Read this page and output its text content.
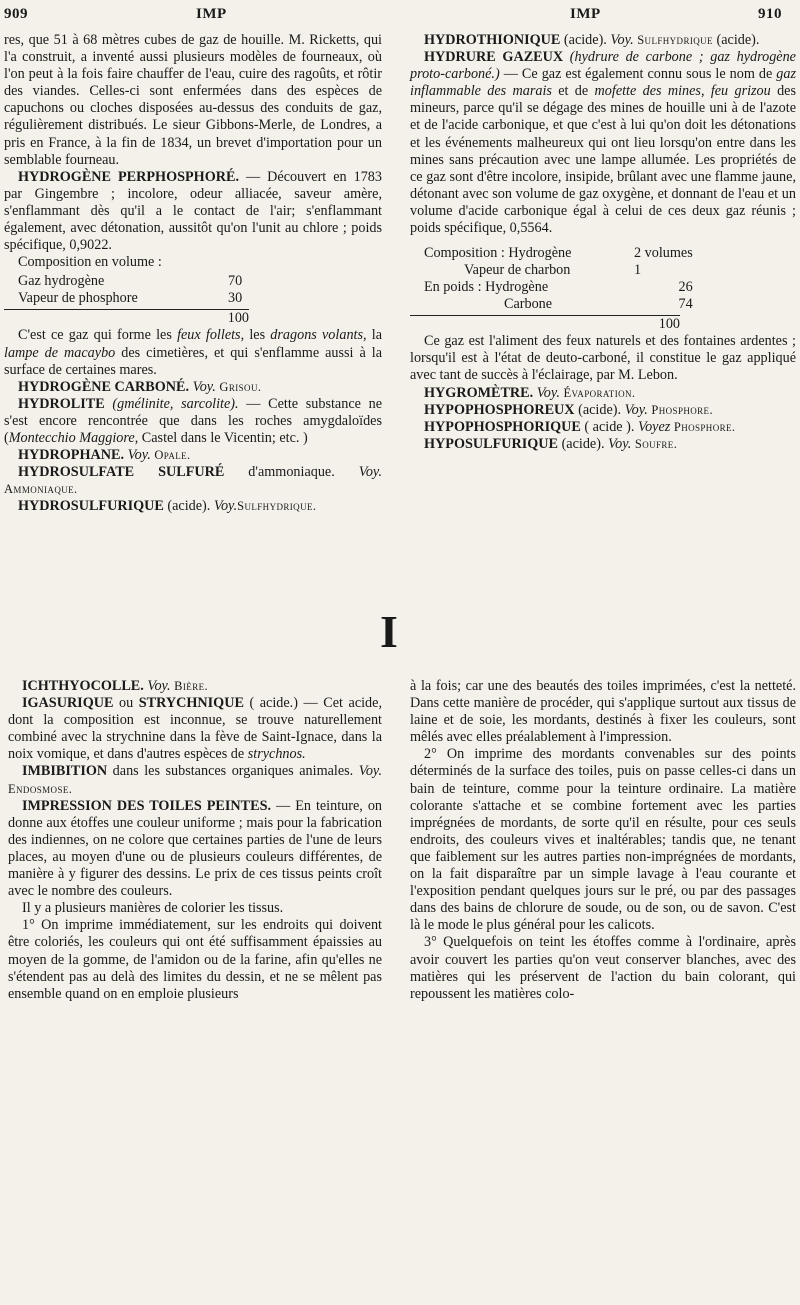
909	IMP	IMP	910

res, que 51 à 68 mètres cubes de gaz de houille. M. Ricketts, qui l'a construit, a inventé aussi plusieurs modèles de fourneaux, où l'on peut à la fois faire chauffer de l'eau, cuire des ragoûts, et rôtir des viandes. Celles-ci sont enfermées dans des espèces de capuchons ou cloches disposées au-dessus des conduits de gaz, régulièrement distribués. Le sieur Gibbons-Merle, de Londres, a pris en France, à la fin de 1834, un brevet d'importation pour un semblable fourneau.

HYDROGÈNE PERPHOSPHORÉ. — Découvert en 1783 par Gingembre ; incolore, odeur alliacée, saveur amère, s'enflammant dès qu'il a le contact de l'air; s'enflammant également, avec détonation, aussitôt qu'on l'unit au chlore ; poids spécifique, 0,9022.

Composition en volume :

Gaz hydrogène	70
Vapeur de phosphore	30
100

C'est ce gaz qui forme les feux follets, les dragons volants, la lampe de macaybo des cimetières, et qui s'enflamme aussi à la surface de certaines mares.

HYDROGÈNE CARBONÉ. Voy. Grisou.

HYDROLITE (gmélinite, sarcolite). — Cette substance ne s'est encore rencontrée que dans les roches amygdaloïdes (Montecchio Maggiore, Castel dans le Vicentin; etc. )

HYDROPHANE. Voy. Opale.

HYDROSULFATE SULFURÉ d'ammoniaque. Voy. Ammoniaque.

HYDROSULFURIQUE (acide). Voy.Sulfhydrique.

HYDROTHIONIQUE (acide). Voy. Sulfhydrique (acide).

HYDRURE GAZEUX (hydrure de carbone ; gaz hydrogène proto-carboné.) — Ce gaz est également connu sous le nom de gaz inflammable des marais et de mofette des mines, feu grizou des mineurs, parce qu'il se dégage des mines de houille uni à de l'azote et de l'acide carbonique, et que c'est à lui qu'on doit les détonations et les événements malheureux qui ont lieu lorsqu'on entre dans les mines sans précaution avec une lampe allumée. Les propriétés de ce gaz sont d'être incolore, insipide, brûlant avec une flamme jaune, détonant avec son volume de gaz oxygène, et donnant de l'eau et un volume d'acide carbonique égal à celui de ces deux gaz réunis ; poids spécifique, 0,5564.

Composition : Hydrogène	2 volumes
Vapeur de charbon	1
En poids : Hydrogène	26
Carbone	74
100

Ce gaz est l'aliment des feux naturels et des fontaines ardentes ; lorsqu'il est à l'état de deuto-carboné, il constitue le gaz appliqué avec tant de succès à l'éclairage, par M. Lebon.

HYGROMÈTRE. Voy. Évaporation.

HYPOPHOSPHOREUX (acide). Voy. Phosphore.

HYPOPHOSPHORIQUE ( acide ). Voyez Phosphore.

HYPOSULFURIQUE (acide). Voy. Soufre.

I

ICHTHYOCOLLE. Voy. Bière.

IGASURIQUE ou STRYCHNIQUE ( acide.) — Cet acide, dont la composition est inconnue, se trouve naturellement combiné avec la strychnine dans la fève de Saint-Ignace, dans la noix vomique, et dans d'autres espèces de strychnos.

IMBIBITION dans les substances organiques animales. Voy. Endosmose.

IMPRESSION DES TOILES PEINTES. — En teinture, on donne aux étoffes une couleur uniforme ; mais pour la fabrication des indiennes, on ne colore que certaines parties de l'une de leurs places, au moyen d'une ou de plusieurs couleurs différentes, de manière à y figurer des dessins. Le prix de ces tissus peints croît avec le nombre des couleurs.

Il y a plusieurs manières de colorier les tissus.

1° On imprime immédiatement, sur les endroits qui doivent être coloriés, les couleurs qui ont été suffisamment épaissies au moyen de la gomme, de l'amidon ou de la farine, afin qu'elles ne s'étendent pas au delà des limites du dessin, et ne se mêlent pas ensemble quand on en emploie plusieurs

à la fois; car une des beautés des toiles imprimées, c'est la netteté. Dans cette manière de procéder, qui s'applique surtout aux tissus de laine et de soie, les mordants, destinés à fixer les couleurs, sont mêlés avec elles préalablement à l'impression.

2° On imprime des mordants convenables sur des points déterminés de la surface des toiles, puis on passe celles-ci dans un bain de teinture, comme pour la teinture ordinaire. La matière colorante s'attache et se combine fortement avec les parties imprégnées de mordants, de sorte qu'il en résulte, pour ces seuls endroits, des couleurs vives et inaltérables; tandis que, ne tenant que faiblement sur les autres parties non-imprégnées de mordants, on la fait disparaître par un simple lavage à l'eau courante et l'exposition pendant quelques jours sur le pré, ou par des passages dans des bains de chlorure de soude, ou de son, ou de savon. C'est là le mode le plus général pour les calicots.

3° Quelquefois on teint les étoffes comme à l'ordinaire, après avoir couvert les parties qu'on veut conserver blanches, avec des matières qui les préservent de l'action du bain colorant, qui repoussent les matières colo-
